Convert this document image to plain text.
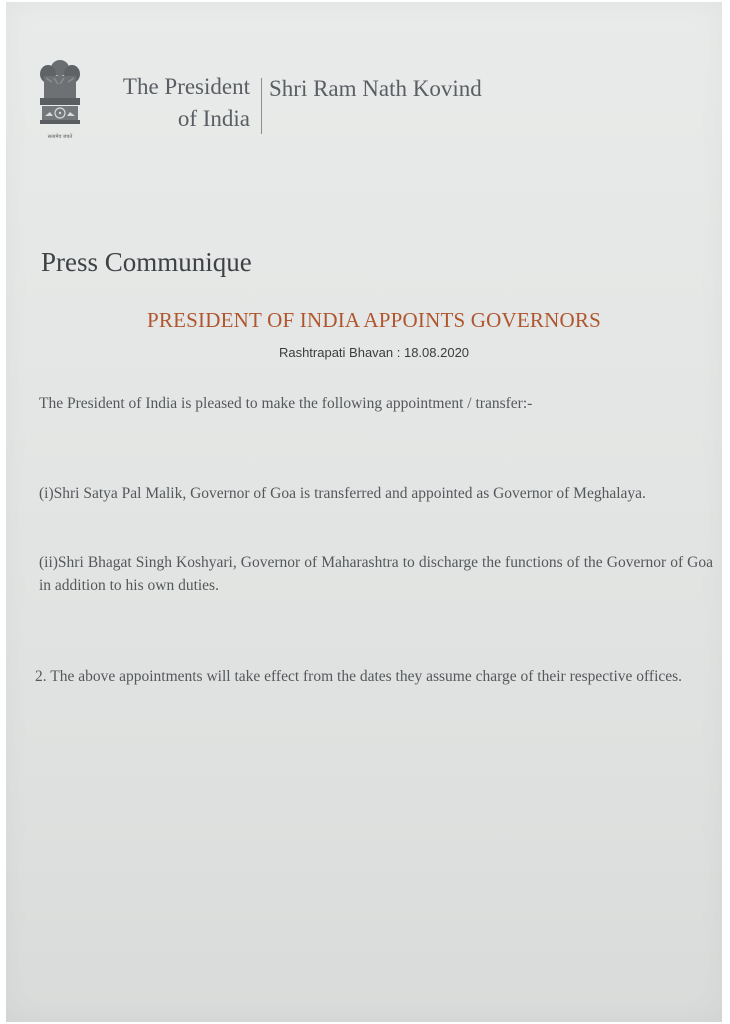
सत्यमेव जयते
The President
of India
Shri Ram Nath Kovind
Press Communique
PRESIDENT OF INDIA APPOINTS GOVERNORS
Rashtrapati Bhavan : 18.08.2020
The President of India is pleased to make the following appointment / transfer:-
(i)Shri Satya Pal Malik, Governor of Goa is transferred and appointed as Governor of Meghalaya.
(ii)Shri Bhagat Singh Koshyari, Governor of Maharashtra to discharge the functions of the Governor of Goa in addition to his own duties.
2. The above appointments will take effect from the dates they assume charge of their respective offices.
